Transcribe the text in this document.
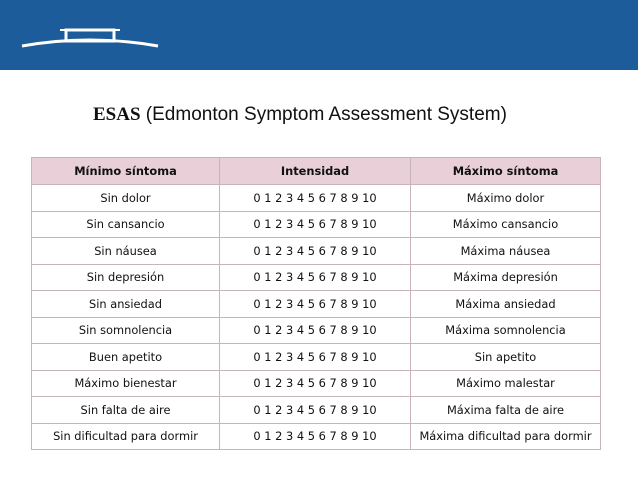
ESAS (Edmonton Symptom Assessment System)
Mínimo síntoma	Intensidad	Máximo síntoma
Sin dolor	0 1 2 3 4 5 6 7 8 9 10	Máximo dolor
Sin cansancio	0 1 2 3 4 5 6 7 8 9 10	Máximo cansancio
Sin náusea	0 1 2 3 4 5 6 7 8 9 10	Máxima náusea
Sin depresión	0 1 2 3 4 5 6 7 8 9 10	Máxima depresión
Sin ansiedad	0 1 2 3 4 5 6 7 8 9 10	Máxima ansiedad
Sin somnolencia	0 1 2 3 4 5 6 7 8 9 10	Máxima somnolencia
Buen apetito	0 1 2 3 4 5 6 7 8 9 10	Sin apetito
Máximo bienestar	0 1 2 3 4 5 6 7 8 9 10	Máximo malestar
Sin falta de aire	0 1 2 3 4 5 6 7 8 9 10	Máxima falta de aire
Sin dificultad para dormir	0 1 2 3 4 5 6 7 8 9 10	Máxima dificultad para dormir
